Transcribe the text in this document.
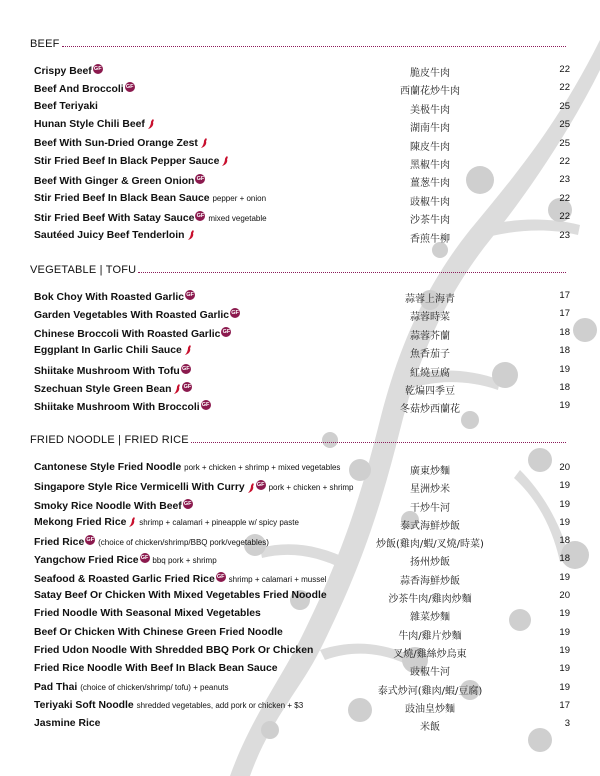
BEEF
Crispy Beef GF	脆皮牛肉	22
Beef And Broccoli GF	西蘭花炒牛肉	22
Beef Teriyaki	美极牛肉	25
Hunan Style Chili Beef	湖南牛肉	25
Beef With Sun-Dried Orange Zest	陳皮牛肉	25
Stir Fried Beef In Black Pepper Sauce	黑椒牛肉	22
Beef With Ginger & Green Onion GF	薑葱牛肉	23
Stir Fried Beef In Black Bean Sauce pepper + onion	豉椒牛肉	22
Stir Fried Beef With Satay Sauce GF mixed vegetable	沙茶牛肉	22
Sautéed Juicy Beef Tenderloin	香煎牛柳	23
VEGETABLE | TOFU
Bok Choy With Roasted Garlic GF	蒜蓉上海青	17
Garden Vegetables With Roasted Garlic GF	蒜蓉時菜	17
Chinese Broccoli With Roasted Garlic GF	蒜蓉芥蘭	18
Eggplant In Garlic Chili Sauce	魚香茄子	18
Shiitake Mushroom With Tofu GF	紅燒豆腐	19
Szechuan Style Green Bean GF	乾煸四季豆	18
Shiitake Mushroom With Broccoli GF	冬菇炒西蘭花	19
FRIED NOODLE | FRIED RICE
Cantonese Style Fried Noodle pork + chicken + shrimp + mixed vegetables	廣東炒麵	20
Singapore Style Rice Vermicelli With Curry GF pork + chicken + shrimp	星洲炒米	19
Smoky Rice Noodle With Beef GF	干炒牛河	19
Mekong Fried Rice shrimp + calamari + pineapple w/ spicy paste	泰式海鮮炒飯	19
Fried Rice GF (choice of chicken/shrimp/BBQ pork/vegetables)	炒飯(雞肉/蝦/叉燒/時菜)	18
Yangchow Fried Rice GF bbq pork + shrimp	扬州炒飯	18
Seafood & Roasted Garlic Fried Rice GF shrimp + calamari + mussel	蒜香海鮮炒飯	19
Satay Beef Or Chicken With Mixed Vegetables Fried Noodle	沙茶牛肉/雞肉炒麵	20
Fried Noodle With Seasonal Mixed Vegetables	雜菜炒麵	19
Beef Or Chicken With Chinese Green Fried Noodle	牛肉/雞片炒麵	19
Fried Udon Noodle With Shredded BBQ Pork Or Chicken	叉燒/雞絲炒烏東	19
Fried Rice Noodle With Beef In Black Bean Sauce	豉椒牛河	19
Pad Thai (choice of chicken/shrimp/ tofu) + peanuts	泰式炒河(雞肉/蝦/豆腐)	19
Teriyaki Soft Noodle shredded vegetables, add pork or chicken + $3	豉油皇炒麵	17
Jasmine Rice	米飯	3
